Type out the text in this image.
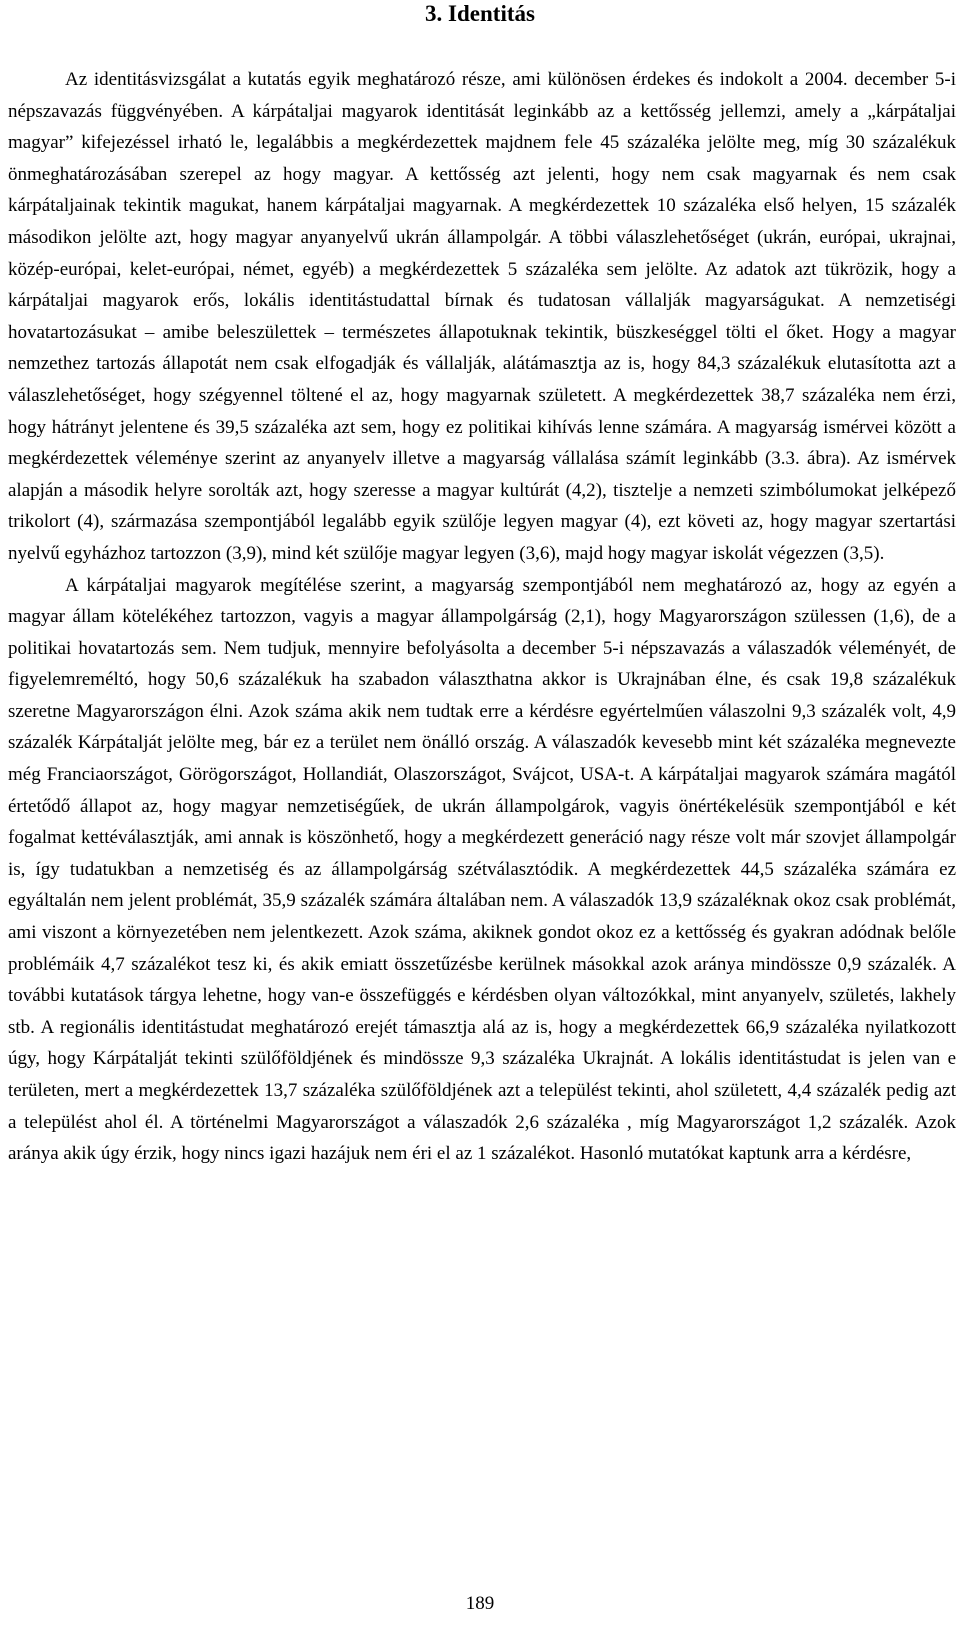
3. Identitás

Az identitásvizsgálat a kutatás egyik meghatározó része, ami különösen érdekes és indokolt a 2004. december 5-i népszavazás függvényében. A kárpátaljai magyarok identitását leginkább az a kettősség jellemzi, amely a „kárpátaljai magyar” kifejezéssel irható le, legalábbis a megkérdezettek majdnem fele 45 százaléka jelölte meg, míg 30 százalékuk önmeghatározásában szerepel az hogy magyar. A kettősség azt jelenti, hogy nem csak magyarnak és nem csak kárpátaljainak tekintik magukat, hanem kárpátaljai magyarnak. A megkérdezettek 10 százaléka első helyen, 15 százalék másodikon jelölte azt, hogy magyar anyanyelvű ukrán állampolgár. A többi válaszlehetőséget (ukrán, európai, ukrajnai, közép-európai, kelet-európai, német, egyéb) a megkérdezettek 5 százaléka sem jelölte. Az adatok azt tükrözik, hogy a kárpátaljai magyarok erős, lokális identitástudattal bírnak és tudatosan vállalják magyarságukat. A nemzetiségi hovatartozásukat – amibe beleszülettek – természetes állapotuknak tekintik, büszkeséggel tölti el őket. Hogy a magyar nemzethez tartozás állapotát nem csak elfogadják és vállalják, alátámasztja az is, hogy 84,3 százalékuk elutasította azt a válaszlehetőséget, hogy szégyennel töltené el az, hogy magyarnak született. A megkérdezettek 38,7 százaléka nem érzi, hogy hátrányt jelentene és 39,5 százaléka azt sem, hogy ez politikai kihívás lenne számára. A magyarság ismérvei között a megkérdezettek véleménye szerint az anyanyelv illetve a magyarság vállalása számít leginkább (3.3. ábra). Az ismérvek alapján a második helyre sorolták azt, hogy szeresse a magyar kultúrát (4,2), tisztelje a nemzeti szimbólumokat jelképező trikolort (4), származása szempontjából legalább egyik szülője legyen magyar (4), ezt követi az, hogy magyar szertartási nyelvű egyházhoz tartozzon (3,9), mind két szülője magyar legyen (3,6), majd hogy magyar iskolát végezzen (3,5).

A kárpátaljai magyarok megítélése szerint, a magyarság szempontjából nem meghatározó az, hogy az egyén a magyar állam kötelékéhez tartozzon, vagyis a magyar állampolgárság (2,1), hogy Magyarországon szülessen (1,6), de a politikai hovatartozás sem. Nem tudjuk, mennyire befolyásolta a december 5-i népszavazás a válaszadók véleményét, de figyelemreméltó, hogy 50,6 százalékuk ha szabadon választhatna akkor is Ukrajnában élne, és csak 19,8 százalékuk szeretne Magyarországon élni. Azok száma akik nem tudtak erre a kérdésre egyértelműen válaszolni 9,3 százalék volt, 4,9 százalék Kárpátalját jelölte meg, bár ez a terület nem önálló ország. A válaszadók kevesebb mint két százaléka megnevezte még Franciaországot, Görögországot, Hollandiát, Olaszországot, Svájcot, USA-t. A kárpátaljai magyarok számára magától értetődő állapot az, hogy magyar nemzetiségűek, de ukrán állampolgárok, vagyis önértékelésük szempontjából e két fogalmat kettéválasztják, ami annak is köszönhető, hogy a megkérdezett generáció nagy része volt már szovjet állampolgár is, így tudatukban a nemzetiség és az állampolgárság szétválasztódik. A megkérdezettek 44,5 százaléka számára ez egyáltalán nem jelent problémát, 35,9 százalék számára általában nem. A válaszadók 13,9 százaléknak okoz csak problémát, ami viszont a környezetében nem jelentkezett. Azok száma, akiknek gondot okoz ez a kettősség és gyakran adódnak belőle problémáik 4,7 százalékot tesz ki, és akik emiatt összetűzésbe kerülnek másokkal azok aránya mindössze 0,9 százalék. A további kutatások tárgya lehetne, hogy van-e összefüggés e kérdésben olyan változókkal, mint anyanyelv, születés, lakhely stb. A regionális identitástudat meghatározó erejét támasztja alá az is, hogy a megkérdezettek 66,9 százaléka nyilatkozott úgy, hogy Kárpátalját tekinti szülőföldjének és mindössze 9,3 százaléka Ukrajnát. A lokális identitástudat is jelen van e területen, mert a megkérdezettek 13,7 százaléka szülőföldjének azt a települést tekinti, ahol született, 4,4 százalék pedig azt a települést ahol él. A történelmi Magyarországot a válaszadók 2,6 százaléka , míg Magyarországot 1,2 százalék. Azok aránya akik úgy érzik, hogy nincs igazi hazájuk nem éri el az 1 százalékot. Hasonló mutatókat kaptunk arra a kérdésre,

189
